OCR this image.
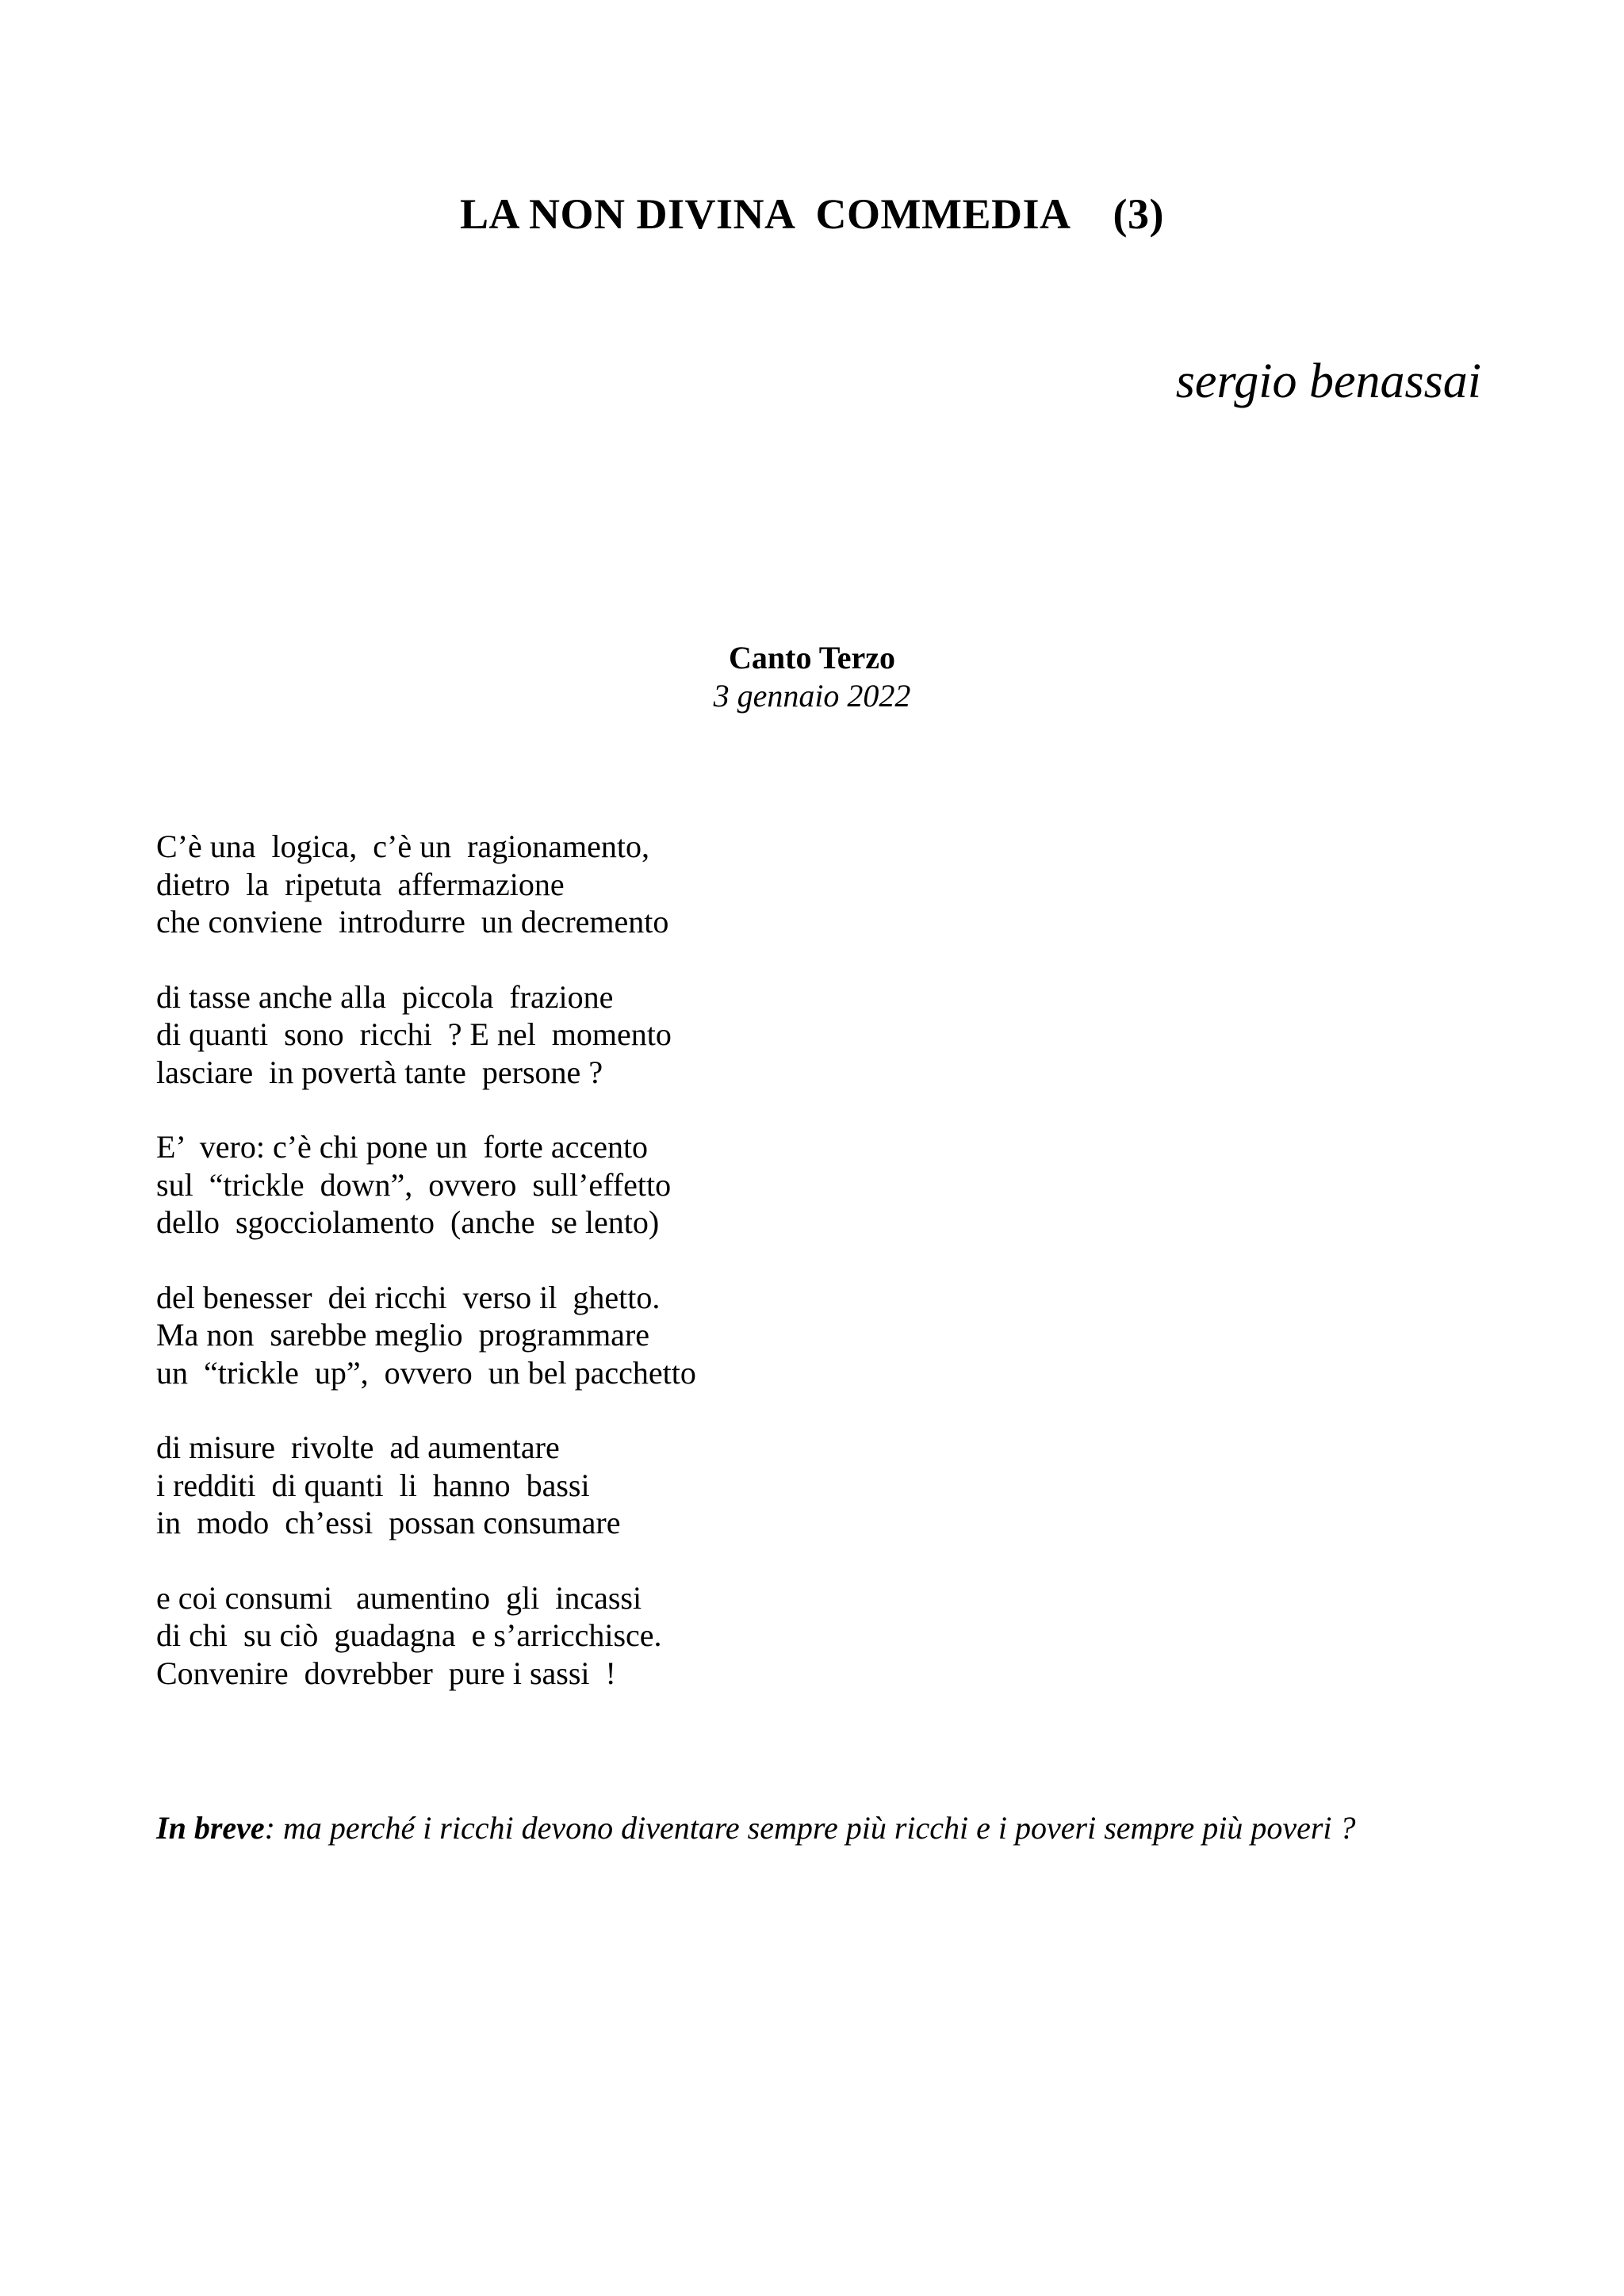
LA NON DIVINA  COMMEDIA    (3)
sergio benassai
Canto Terzo
3 gennaio 2022
C’è una  logica,  c’è un  ragionamento,
dietro  la  ripetuta  affermazione
che conviene  introdurre  un decremento
di tasse anche alla  piccola  frazione
di quanti  sono  ricchi  ? E nel  momento
lasciare  in povertà tante  persone ?
E’  vero: c’è chi pone un  forte accento
sul  “trickle  down”,  ovvero  sull’effetto
dello  sgocciolamento  (anche  se lento)
del benesser  dei ricchi  verso il  ghetto.
Ma non  sarebbe meglio  programmare
un  “trickle  up”,  ovvero  un bel pacchetto
di misure  rivolte  ad aumentare
i redditi  di quanti  li  hanno  bassi
in  modo  ch’essi  possan consumare
e coi consumi   aumentino  gli  incassi
di chi  su ciò  guadagna  e s’arricchisce.
Convenire  dovrebber  pure i sassi  !
In breve: ma perché i ricchi devono diventare sempre più ricchi e i poveri sempre più poveri ?
